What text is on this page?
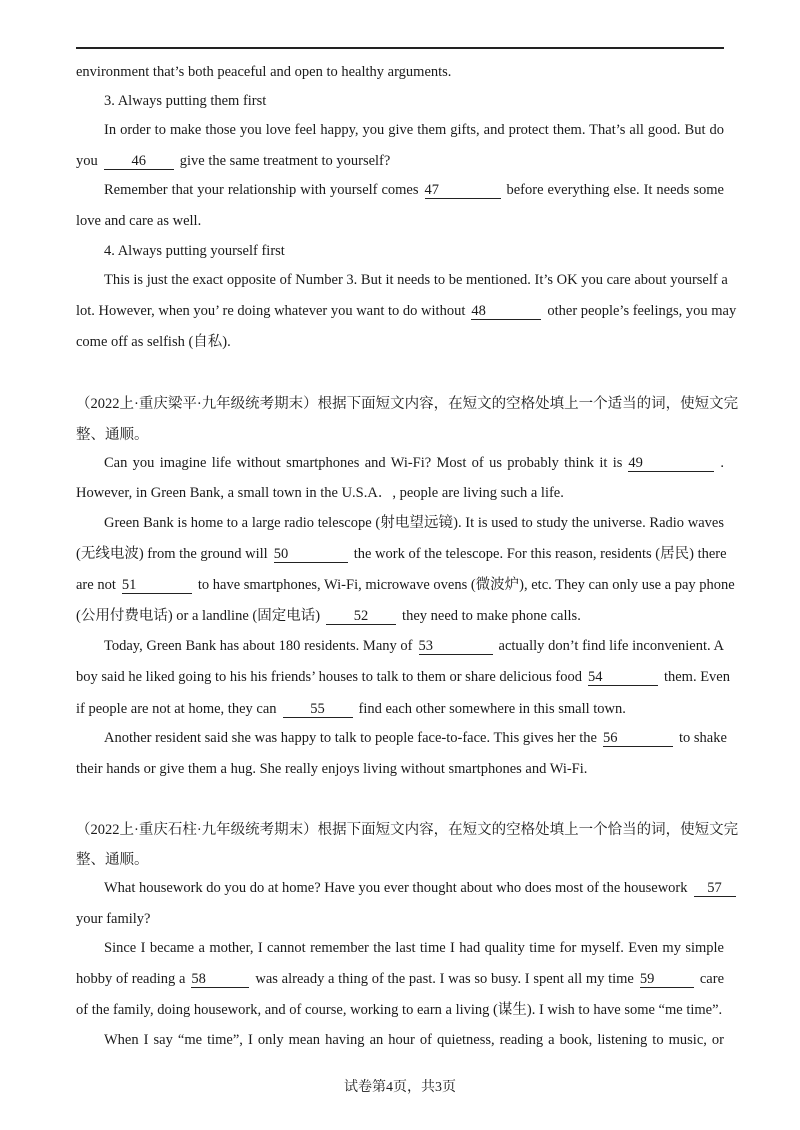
environment that’s both peaceful and open to healthy arguments.
3. Always putting them first
In order to make those you love feel happy, you give them gifts, and protect them. That’s all good. But do
you 46 give the same treatment to yourself?
Remember that your relationship with yourself comes 47	before everything else. It needs some
love and care as well.
4. Always putting yourself first
This is just the exact opposite of Number 3. But it needs to be mentioned. It’s OK you care about yourself a
lot. However, when you’ re doing whatever you want to do without 48	other people’s feelings, you may
come off as selfish (自私).
（2022上·重庆梁平·九年级统考期末）根据下面短文内容，在短文的空格处填上一个适当的词，使短文完
整、通顺。
Can you imagine life without smartphones and Wi-Fi? Most of us probably think it is 49	.
However, in Green Bank, a small town in the U.S.A．, people are living such a life.
Green Bank is home to a large radio telescope (射电望远镜). It is used to study the universe. Radio waves
(无线电波) from the ground will 50	the work of the telescope. For this reason, residents (居民) there
are not 51	to have smartphones, Wi-Fi, microwave ovens (微波炉), etc. They can only use a pay phone
(公用付费电话) or a landline (固定电话) 52 they need to make phone calls.
Today, Green Bank has about 180 residents. Many of 53	actually don’t find life inconvenient. A
boy said he liked going to his his friends’ houses to talk to them or share delicious food 54	them. Even
if people are not at home, they can 55 find each other somewhere in this small town.
Another resident said she was happy to talk to people face-to-face. This gives her the 56	to shake
their hands or give them a hug. She really enjoys living without smartphones and Wi-Fi.
（2022上·重庆石柱·九年级统考期末）根据下面短文内容，在短文的空格处填上一个恰当的词，使短文完
整、通顺。
What housework do you do at home? Have you ever thought about who does most of the housework 57
your family?
Since I became a mother, I cannot remember the last time I had quality time for myself. Even my simple
hobby of reading a 58	was already a thing of the past. I was so busy. I spent all my time 59	care
of the family, doing housework, and of course, working to earn a living (谋生). I wish to have some “me time”.
When I say “me time”, I only mean having an hour of quietness, reading a book, listening to music, or
试卷第4页，共3页
